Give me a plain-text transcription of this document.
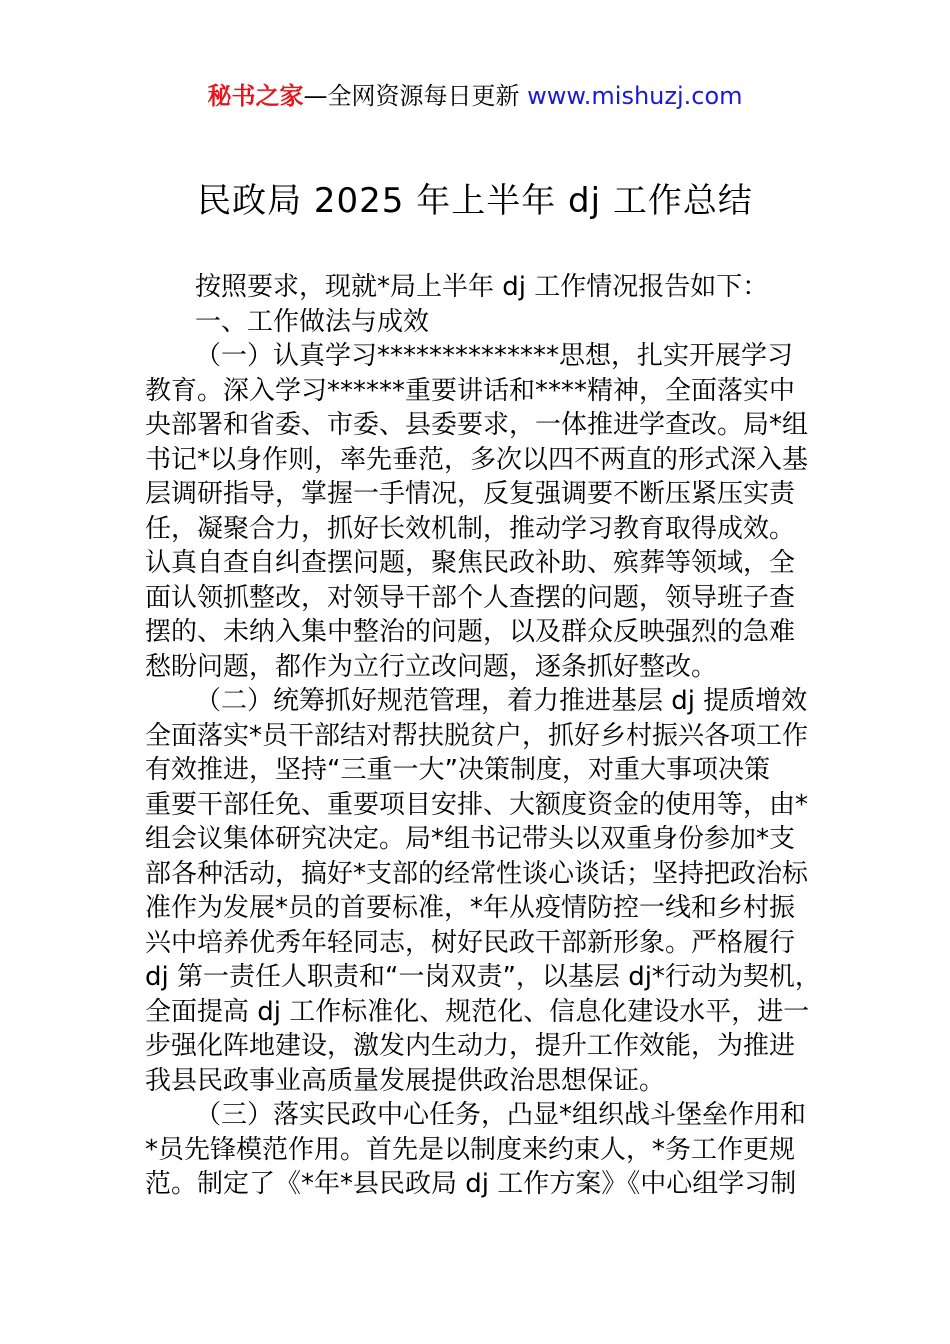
秘书之家—全网资源每日更新 www.mishuzj.com
民政局 2025 年上半年 dj 工作总结
按照要求，现就*局上半年 dj 工作情况报告如下：
一、工作做法与成效
（一）认真学习**************思想，扎实开展学习
教育。深入学习******重要讲话和****精神，全面落实中
央部署和省委、市委、县委要求，一体推进学查改。局*组
书记*以身作则，率先垂范，多次以四不两直的形式深入基
层调研指导，掌握一手情况，反复强调要不断压紧压实责
任，凝聚合力，抓好长效机制，推动学习教育取得成效。
认真自查自纠查摆问题，聚焦民政补助、殡葬等领域，全
面认领抓整改，对领导干部个人查摆的问题，领导班子查
摆的、未纳入集中整治的问题，以及群众反映强烈的急难
愁盼问题，都作为立行立改问题，逐条抓好整改。
（二）统筹抓好规范管理，着力推进基层 dj 提质增效
全面落实*员干部结对帮扶脱贫户，抓好乡村振兴各项工作
有效推进，坚持“三重一大”决策制度，对重大事项决策
重要干部任免、重要项目安排、大额度资金的使用等，由*
组会议集体研究决定。局*组书记带头以双重身份参加*支
部各种活动，搞好*支部的经常性谈心谈话；坚持把政治标
准作为发展*员的首要标准，*年从疫情防控一线和乡村振
兴中培养优秀年轻同志，树好民政干部新形象。严格履行
dj 第一责任人职责和“一岗双责”，以基层 dj*行动为契机，
全面提高 dj 工作标准化、规范化、信息化建设水平，进一
步强化阵地建设，激发内生动力，提升工作效能，为推进
我县民政事业高质量发展提供政治思想保证。
（三）落实民政中心任务，凸显*组织战斗堡垒作用和
*员先锋模范作用。首先是以制度来约束人，*务工作更规
范。制定了《*年*县民政局 dj 工作方案》《中心组学习制
